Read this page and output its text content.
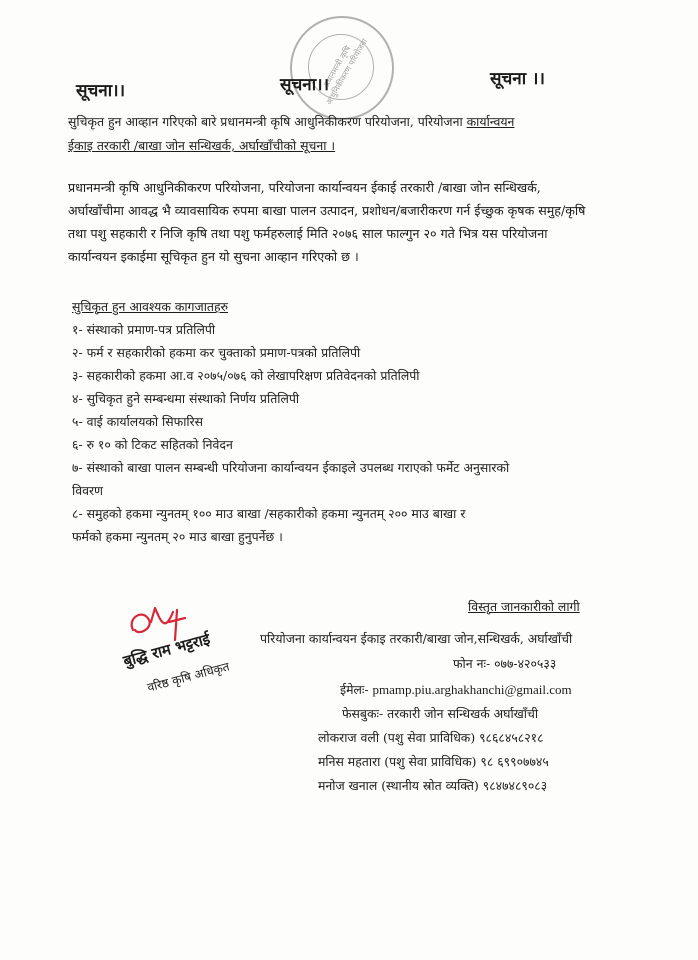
प्रधानमन्त्री कृषि आधुनिकीकरण परियोजना
सूचना।।	सूचना।।	सूचना ।।
सुचिकृत हुन आव्हान गरिएको बारे प्रधानमन्त्री कृषि आधुनिकीकरण परियोजना, परियोजना कार्यान्वयन
ईकाइ तरकारी /बाखा जोन सन्धिखर्क, अर्घाखाँचीको सूचना ।
प्रधानमन्त्री कृषि आधुनिकीकरण परियोजना, परियोजना कार्यान्वयन ईकाई तरकारी /बाखा जोन सन्धिखर्क, अर्घाखाँचीमा आवद्ध भै व्यावसायिक रुपमा बाखा पालन उत्पादन, प्रशोधन/बजारीकरण गर्न ईच्छुक कृषक समुह/कृषि तथा पशु सहकारी र निजि कृषि तथा पशु फर्महरुलाई मिति २०७६ साल फाल्गुन २० गते भित्र यस परियोजना कार्यान्वयन इकाईमा सूचिकृत हुन यो सुचना आव्हान गरिएको छ ।
सुचिकृत हुन आवश्यक कागजातहरु
१- संस्थाको प्रमाण-पत्र प्रतिलिपी
२- फर्म र सहकारीको हकमा कर चुक्ताको प्रमाण-पत्रको प्रतिलिपी
३- सहकारीको हकमा आ.व २०७५/०७६ को लेखापरिक्षण प्रतिवेदनको प्रतिलिपी
४- सुचिकृत हुने सम्बन्धमा संस्थाको निर्णय प्रतिलिपी
५- वाई कार्यालयको सिफारिस
६- रु १० को टिकट सहितको निवेदन
७- संस्थाको बाखा पालन सम्बन्धी परियोजना कार्यान्वयन ईकाइले उपलब्ध गराएको फर्मेट अनुसारको
विवरण
८- समुहको हकमा न्युनतम् १०० माउ बाखा /सहकारीको हकमा न्युनतम् २०० माउ बाखा र
फर्मको हकमा न्युनतम् २० माउ बाखा हुनुपर्नेछ ।
बुद्धि राम भट्टराई
वरिष्ठ कृषि अधिकृत
विस्तृत जानकारीको लागी
परियोजना कार्यान्वयन ईकाइ तरकारी/बाखा जोन,सन्धिखर्क, अर्घाखाँची
फोन नः- ०७७-४२०५३३
ईमेलः- pmamp.piu.arghakhanchi@gmail.com
फेसबुकः- तरकारी जोन सन्धिखर्क अर्घाखाँची
लोकराज वली (पशु सेवा प्राविधिक) ९८६८४५८२१८
मनिस महतारा (पशु सेवा प्राविधिक) ९८ ६९९०७७४५
मनोज खनाल (स्थानीय स्रोत व्यक्ति) ९८४७४८९०८३
